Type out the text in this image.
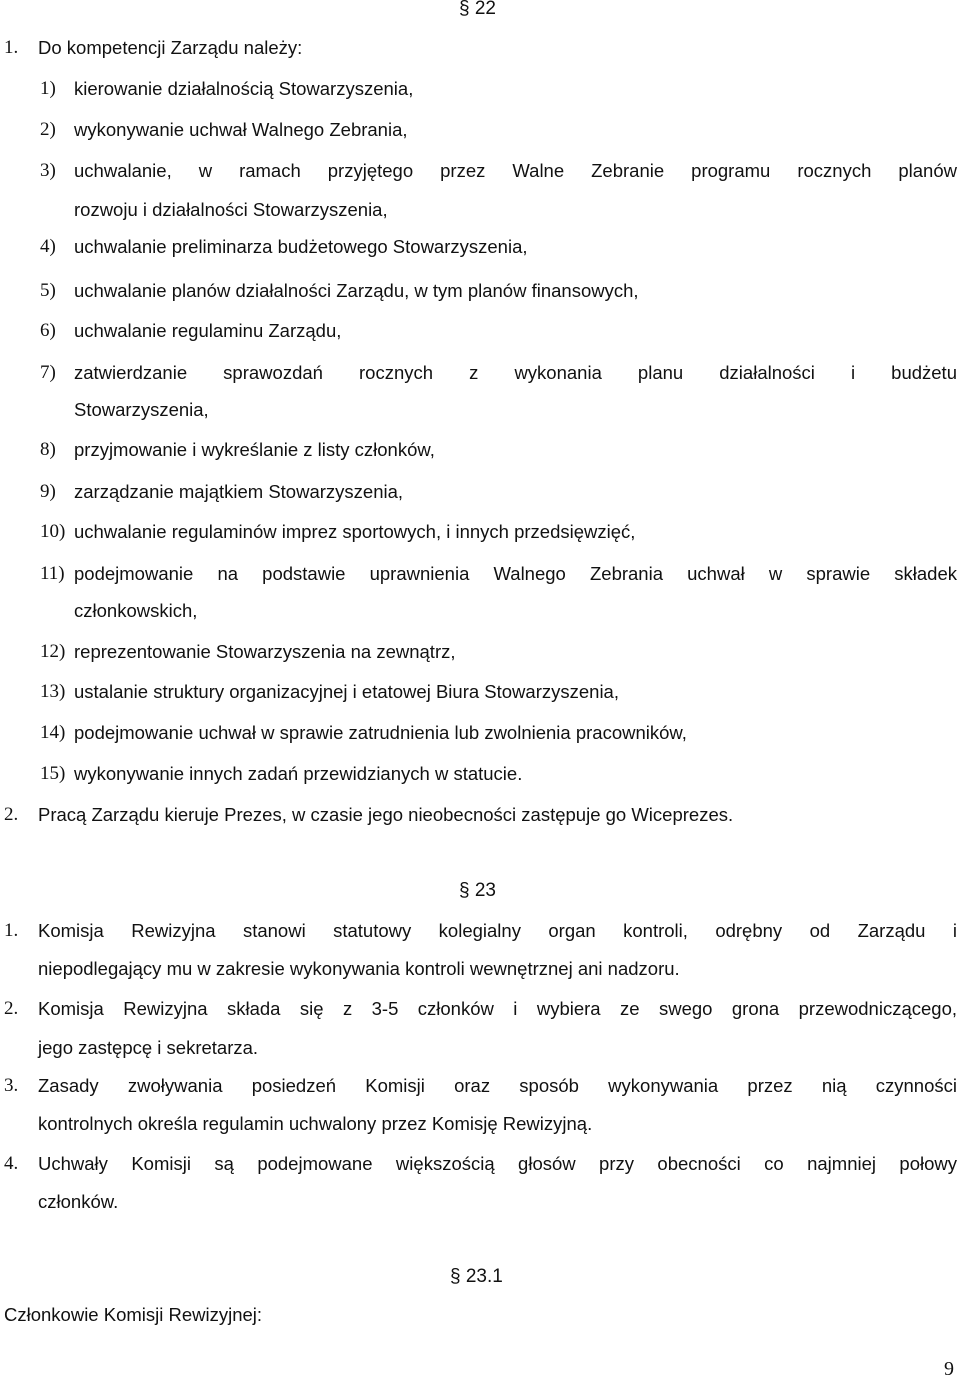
§ 22
1. Do kompetencji Zarządu należy:
1) kierowanie działalnością Stowarzyszenia,
2) wykonywanie uchwał Walnego Zebrania,
3) uchwalanie, w ramach przyjętego przez Walne Zebranie programu rocznych planów
rozwoju i działalności Stowarzyszenia,
4) uchwalanie preliminarza budżetowego Stowarzyszenia,
5) uchwalanie planów działalności Zarządu, w tym planów finansowych,
6) uchwalanie regulaminu Zarządu,
7) zatwierdzanie sprawozdań rocznych z wykonania planu działalności i budżetu
Stowarzyszenia,
8) przyjmowanie i wykreślanie z listy członków,
9) zarządzanie majątkiem Stowarzyszenia,
10) uchwalanie regulaminów imprez sportowych, i innych przedsięwzięć,
11) podejmowanie na podstawie uprawnienia Walnego Zebrania uchwał w sprawie składek
członkowskich,
12) reprezentowanie Stowarzyszenia na zewnątrz,
13) ustalanie struktury organizacyjnej i etatowej Biura Stowarzyszenia,
14) podejmowanie uchwał w sprawie zatrudnienia lub zwolnienia pracowników,
15) wykonywanie innych zadań przewidzianych w statucie.
2. Pracą Zarządu kieruje Prezes, w czasie jego nieobecności zastępuje go Wiceprezes.
§ 23
1. Komisja Rewizyjna stanowi statutowy kolegialny organ kontroli, odrębny od Zarządu i
niepodlegający mu w zakresie wykonywania kontroli wewnętrznej ani nadzoru.
2. Komisja Rewizyjna składa się z 3-5 członków i wybiera ze swego grona przewodniczącego,
jego zastępcę i sekretarza.
3. Zasady zwoływania posiedzeń Komisji oraz sposób wykonywania przez nią czynności
kontrolnych określa regulamin uchwalony przez Komisję Rewizyjną.
4. Uchwały Komisji są podejmowane większością głosów przy obecności co najmniej połowy
członków.
§ 23.1
Członkowie Komisji Rewizyjnej:
9
